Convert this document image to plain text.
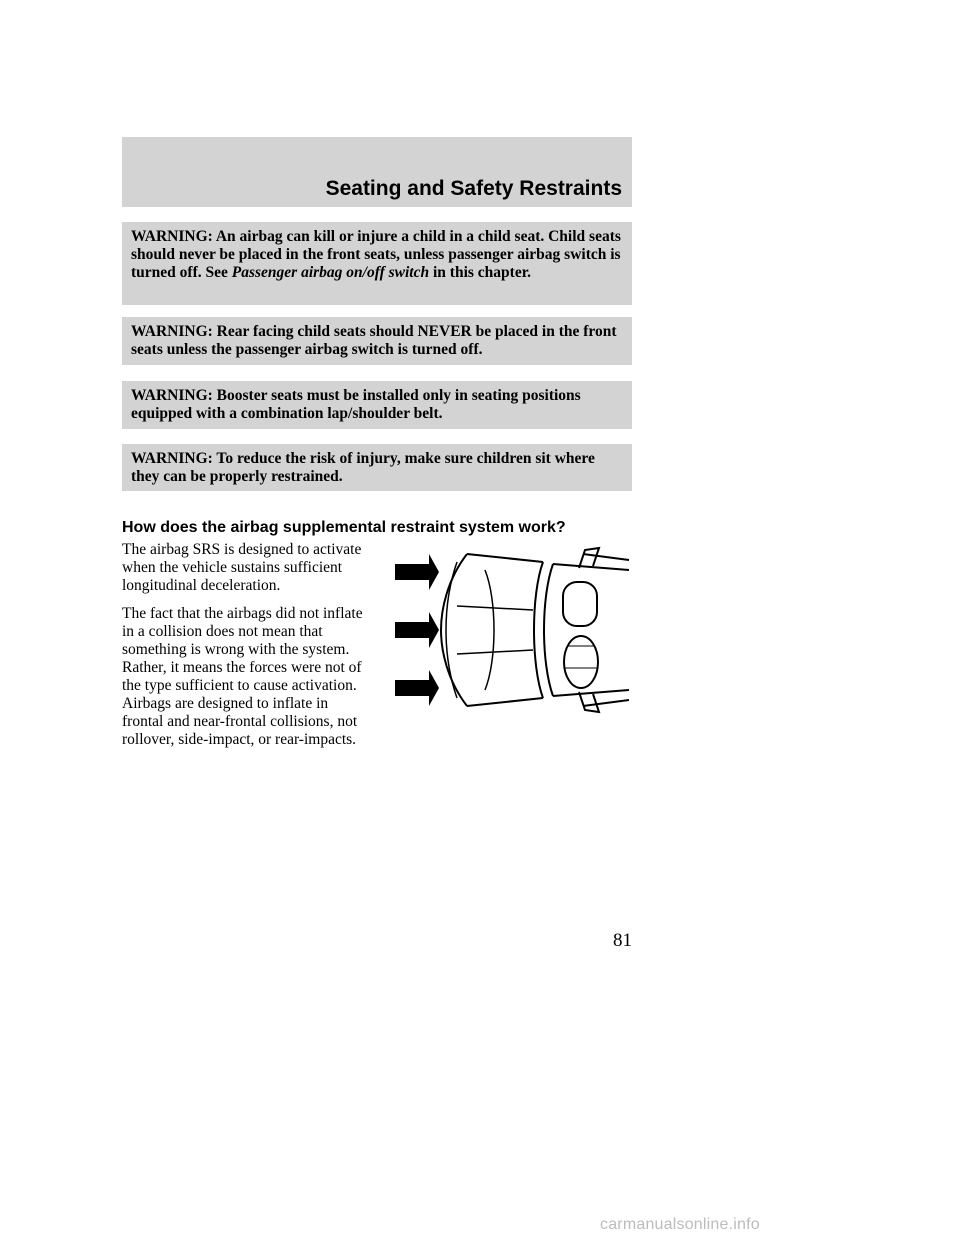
Seating and Safety Restraints
WARNING: An airbag can kill or injure a child in a child seat. Child seats should never be placed in the front seats, unless passenger airbag switch is turned off. See Passenger airbag on/off switch in this chapter.
WARNING: Rear facing child seats should NEVER be placed in the front seats unless the passenger airbag switch is turned off.
WARNING: Booster seats must be installed only in seating positions equipped with a combination lap/shoulder belt.
WARNING: To reduce the risk of injury, make sure children sit where they can be properly restrained.
How does the airbag supplemental restraint system work?

The airbag SRS is designed to activate when the vehicle sustains sufficient longitudinal deceleration.

The fact that the airbags did not inflate in a collision does not mean that something is wrong with the system. Rather, it means the forces were not of the type sufficient to cause activation. Airbags are designed to inflate in frontal and near-frontal collisions, not rollover, side-impact, or rear-impacts.

81
carmanualsonline.info
